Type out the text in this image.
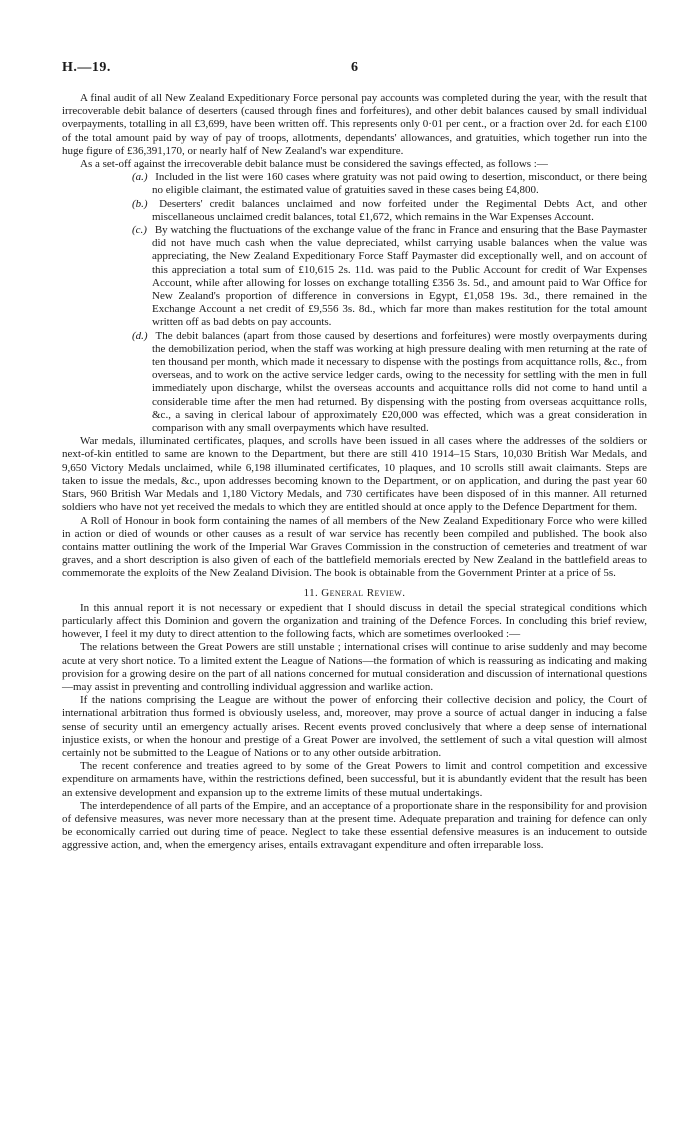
H.—19.	6

A final audit of all New Zealand Expeditionary Force personal pay accounts was completed during the year, with the result that irrecoverable debit balance of deserters (caused through fines and forfeitures), and other debit balances caused by small individual overpayments, totalling in all £3,699, have been written off. This represents only 0·01 per cent., or a fraction over 2d. for each £100 of the total amount paid by way of pay of troops, allotments, dependants' allowances, and gratuities, which together run into the huge figure of £36,391,170, or nearly half of New Zealand's war expenditure.

As a set-off against the irrecoverable debit balance must be considered the savings effected, as follows :—

(a.) Included in the list were 160 cases where gratuity was not paid owing to desertion, misconduct, or there being no eligible claimant, the estimated value of gratuities saved in these cases being £4,800.
(b.) Deserters' credit balances unclaimed and now forfeited under the Regimental Debts Act, and other miscellaneous unclaimed credit balances, total £1,672, which remains in the War Expenses Account.
(c.) By watching the fluctuations of the exchange value of the franc in France and ensuring that the Base Paymaster did not have much cash when the value depreciated, whilst carrying usable balances when the value was appreciating, the New Zealand Expeditionary Force Staff Paymaster did exceptionally well, and on account of this appreciation a total sum of £10,615 2s. 11d. was paid to the Public Account for credit of War Expenses Account, while after allowing for losses on exchange totalling £356 3s. 5d., and amount paid to War Office for New Zealand's proportion of difference in conversions in Egypt, £1,058 19s. 3d., there remained in the Exchange Account a net credit of £9,556 3s. 8d., which far more than makes restitution for the total amount written off as bad debts on pay accounts.
(d.) The debit balances (apart from those caused by desertions and forfeitures) were mostly overpayments during the demobilization period, when the staff was working at high pressure dealing with men returning at the rate of ten thousand per month, which made it necessary to dispense with the postings from acquittance rolls, &c., from overseas, and to work on the active service ledger cards, owing to the necessity for settling with the men in full immediately upon discharge, whilst the overseas accounts and acquittance rolls did not come to hand until a considerable time after the men had returned. By dispensing with the posting from overseas acquittance rolls, &c., a saving in clerical labour of approximately £20,000 was effected, which was a great consideration in comparison with any small overpayments which have resulted.

War medals, illuminated certificates, plaques, and scrolls have been issued in all cases where the addresses of the soldiers or next-of-kin entitled to same are known to the Department, but there are still 410 1914–15 Stars, 10,030 British War Medals, and 9,650 Victory Medals unclaimed, while 6,198 illuminated certificates, 10 plaques, and 10 scrolls still await claimants. Steps are taken to issue the medals, &c., upon addresses becoming known to the Department, or on application, and during the past year 60 Stars, 960 British War Medals and 1,180 Victory Medals, and 730 certificates have been disposed of in this manner. All returned soldiers who have not yet received the medals to which they are entitled should at once apply to the Defence Department for them.

A Roll of Honour in book form containing the names of all members of the New Zealand Expeditionary Force who were killed in action or died of wounds or other causes as a result of war service has recently been compiled and published. The book also contains matter outlining the work of the Imperial War Graves Commission in the construction of cemeteries and treatment of war graves, and a short description is also given of each of the battlefield memorials erected by New Zealand in the battlefield areas to commemorate the exploits of the New Zealand Division. The book is obtainable from the Government Printer at a price of 5s.

11. General Review.

In this annual report it is not necessary or expedient that I should discuss in detail the special strategical conditions which particularly affect this Dominion and govern the organization and training of the Defence Forces. In concluding this brief review, however, I feel it my duty to direct attention to the following facts, which are sometimes overlooked :—

The relations between the Great Powers are still unstable ; international crises will continue to arise suddenly and may become acute at very short notice. To a limited extent the League of Nations—the formation of which is reassuring as indicating and making provision for a growing desire on the part of all nations concerned for mutual consideration and discussion of international questions—may assist in preventing and controlling individual aggression and warlike action.

If the nations comprising the League are without the power of enforcing their collective decision and policy, the Court of international arbitration thus formed is obviously useless, and, moreover, may prove a source of actual danger in inducing a false sense of security until an emergency actually arises. Recent events proved conclusively that where a deep sense of international injustice exists, or when the honour and prestige of a Great Power are involved, the settlement of such a vital question will almost certainly not be submitted to the League of Nations or to any other outside arbitration.

The recent conference and treaties agreed to by some of the Great Powers to limit and control competition and excessive expenditure on armaments have, within the restrictions defined, been successful, but it is abundantly evident that the result has been an extensive development and expansion up to the extreme limits of these mutual undertakings.

The interdependence of all parts of the Empire, and an acceptance of a proportionate share in the responsibility for and provision of defensive measures, was never more necessary than at the present time. Adequate preparation and training for defence can only be economically carried out during time of peace. Neglect to take these essential defensive measures is an inducement to outside aggressive action, and, when the emergency arises, entails extravagant expenditure and often irreparable loss.
